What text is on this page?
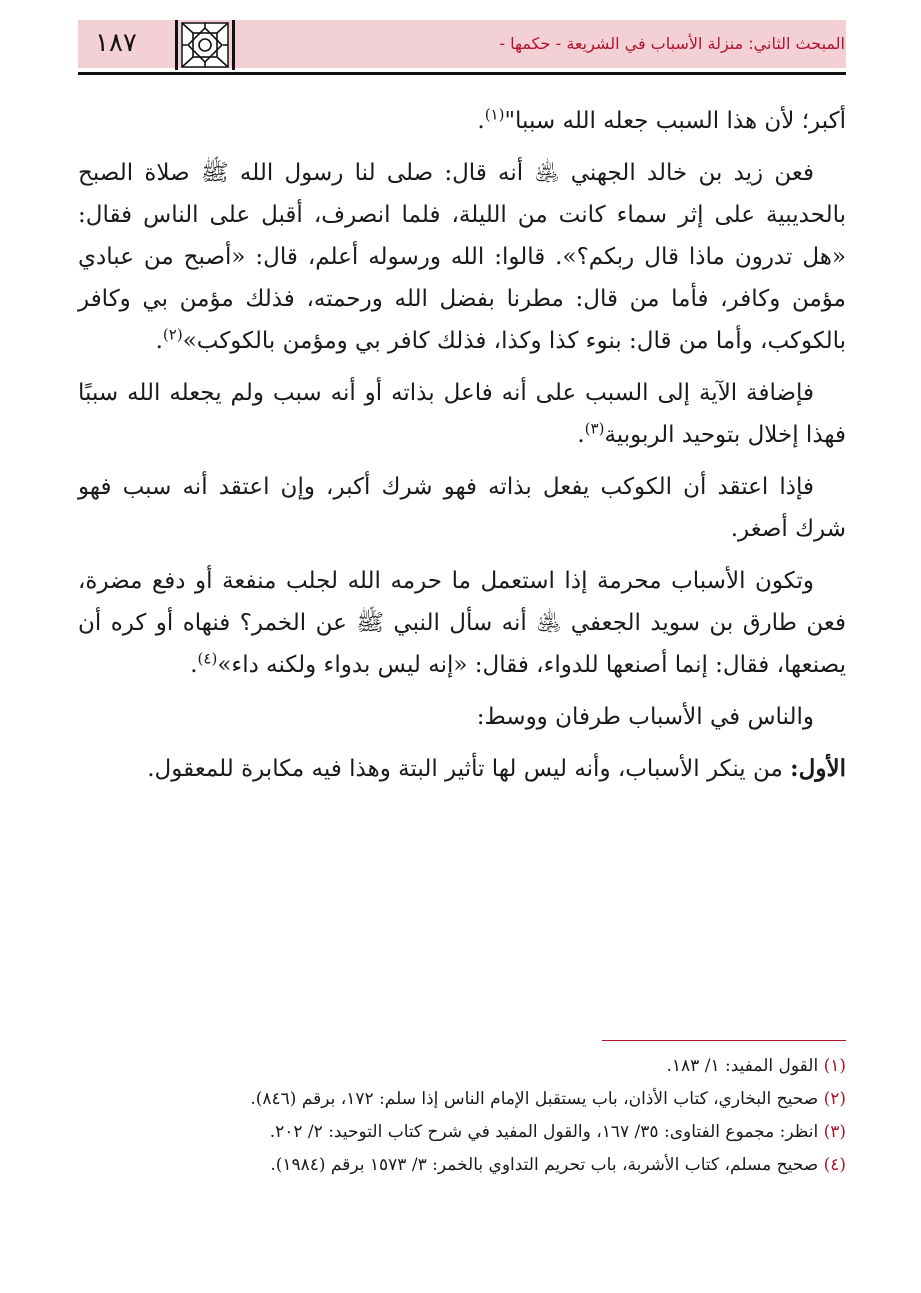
المبحث الثاني: منزلة الأسباب في الشريعة - حكمها -
١٨٧

أكبر؛ لأن هذا السبب جعله الله سببا"$^{(١)}$.

فعن زيد بن خالد الجهني ﵁ أنه قال: صلى لنا رسول الله ﷺ صلاة الصبح بالحديبية على إثر سماء كانت من الليلة، فلما انصرف، أقبل على الناس فقال: «هل تدرون ماذا قال ربكم؟». قالوا: الله ورسوله أعلم، قال: «أصبح من عبادي مؤمن وكافر، فأما من قال: مطرنا بفضل الله ورحمته، فذلك مؤمن بي وكافر بالكوكب، وأما من قال: بنوء كذا وكذا، فذلك كافر بي ومؤمن بالكوكب»$^{(٢)}$.

فإضافة الآية إلى السبب على أنه فاعل بذاته أو أنه سبب ولم يجعله الله سببًا فهذا إخلال بتوحيد الربوبية$^{(٣)}$.

فإذا اعتقد أن الكوكب يفعل بذاته فهو شرك أكبر، وإن اعتقد أنه سبب فهو شرك أصغر.

وتكون الأسباب محرمة إذا استعمل ما حرمه الله لجلب منفعة أو دفع مضرة، فعن طارق بن سويد الجعفي ﵁ أنه سأل النبي ﷺ عن الخمر؟ فنهاه أو كره أن يصنعها، فقال: إنما أصنعها للدواء، فقال: «إنه ليس بدواء ولكنه داء»$^{(٤)}$.

والناس في الأسباب طرفان ووسط:

الأول: من ينكر الأسباب، وأنه ليس لها تأثير البتة وهذا فيه مكابرة للمعقول.

(١) القول المفيد: ١/ ١٨٣.
(٢) صحيح البخاري، كتاب الأذان، باب يستقبل الإمام الناس إذا سلم: ١٧٢، برقم (٨٤٦).
(٣) انظر: مجموع الفتاوى: ٣٥/ ١٦٧، والقول المفيد في شرح كتاب التوحيد: ٢/ ٢٠٢.
(٤) صحيح مسلم، كتاب الأشربة، باب تحريم التداوي بالخمر: ٣/ ١٥٧٣ برقم (١٩٨٤).
